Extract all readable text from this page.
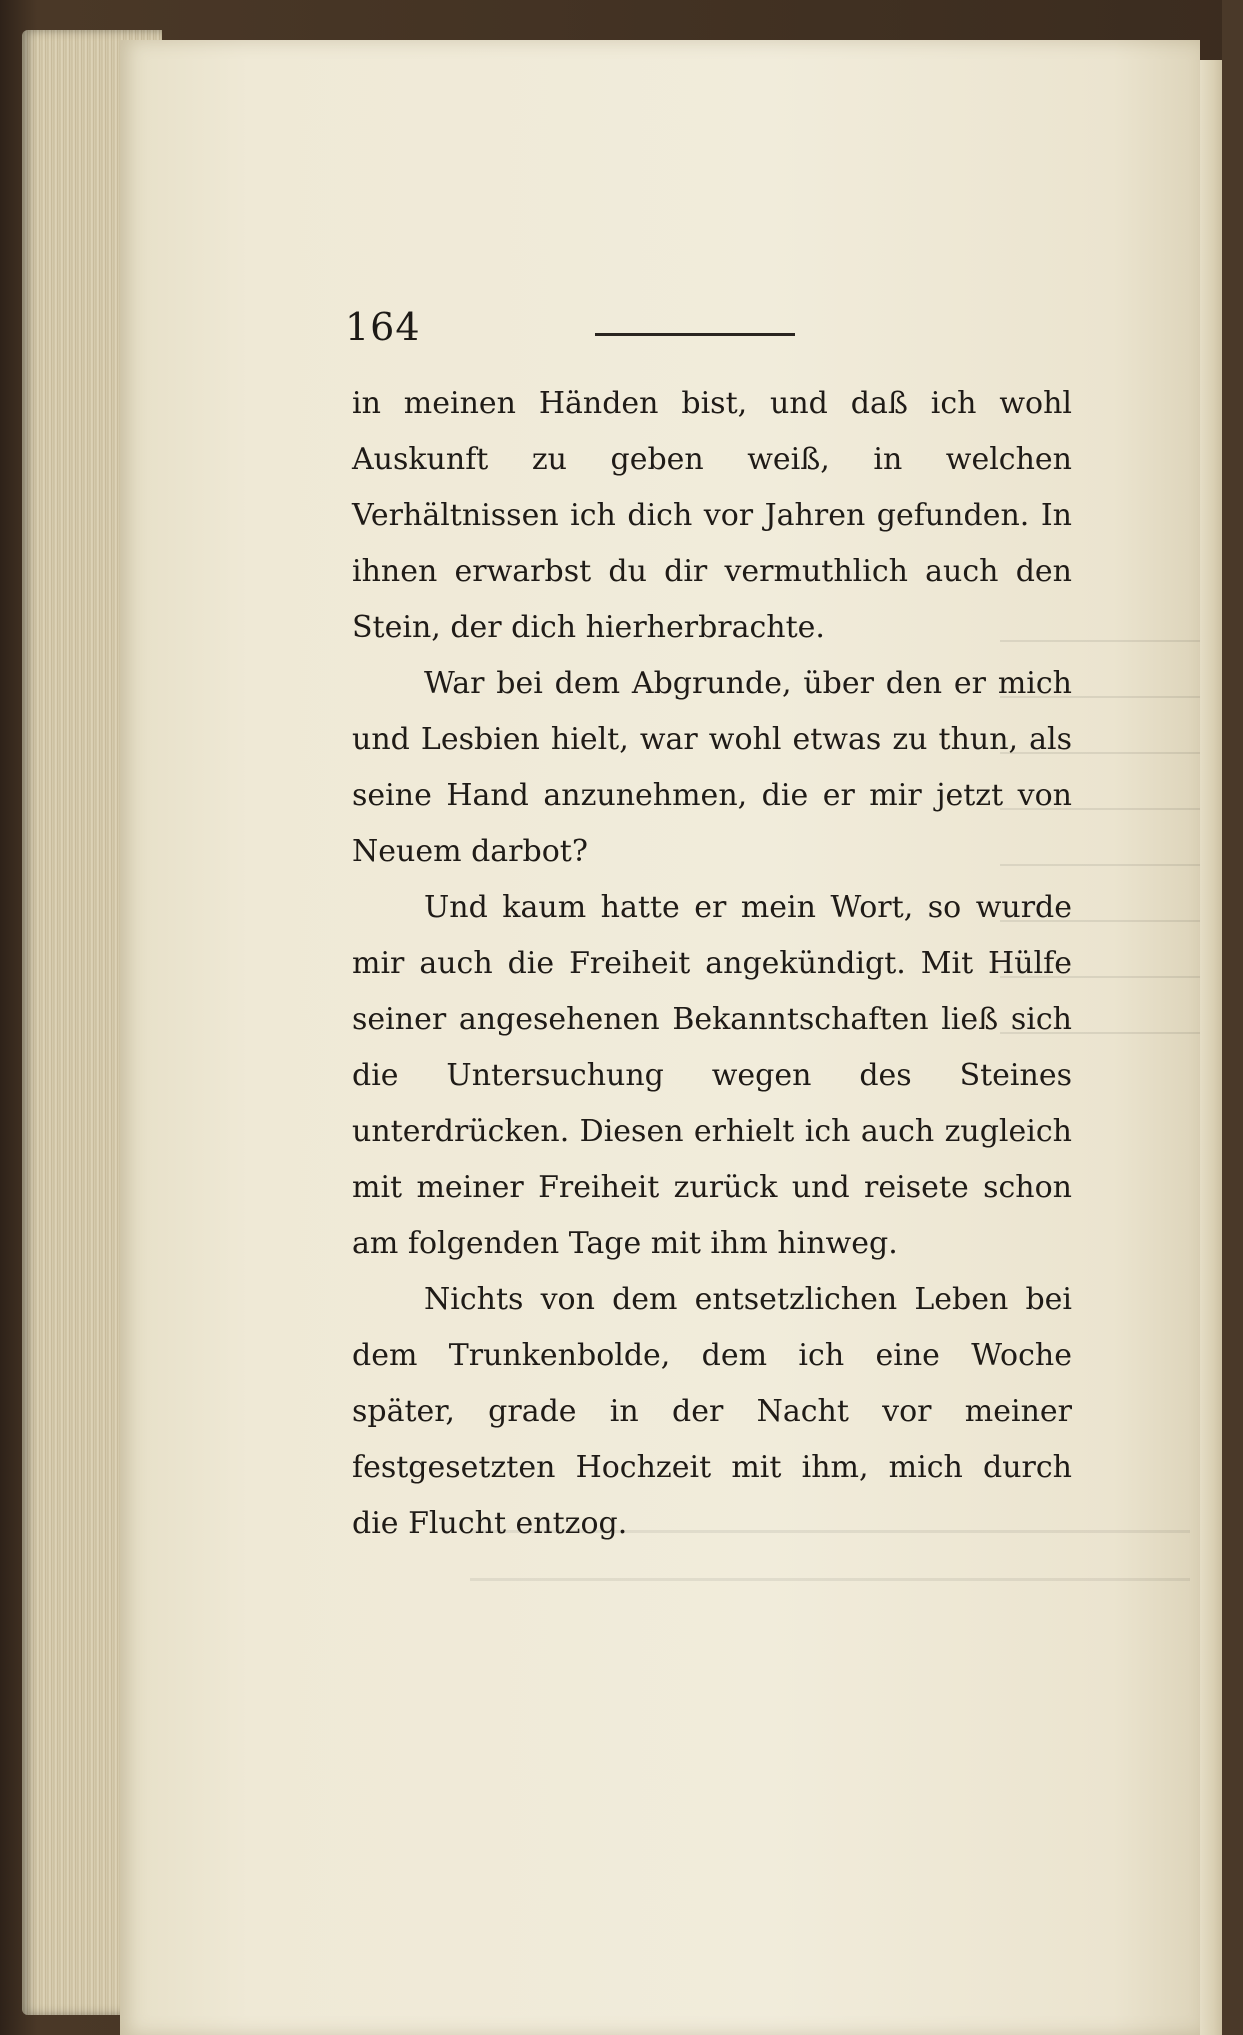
164

in meinen Händen bist, und daß ich wohl Auskunft zu geben weiß, in welchen Verhältnissen ich dich vor Jahren gefunden. In ihnen erwarbst du dir vermuthlich auch den Stein, der dich hierherbrachte.

War bei dem Abgrunde, über den er mich und Lesbien hielt, war wohl etwas zu thun, als seine Hand anzunehmen, die er mir jetzt von Neuem darbot?

Und kaum hatte er mein Wort, so wurde mir auch die Freiheit angekündigt. Mit Hülfe seiner angesehenen Bekanntschaften ließ sich die Untersuchung wegen des Steines unterdrücken. Diesen erhielt ich auch zugleich mit meiner Freiheit zurück und reisete schon am folgenden Tage mit ihm hinweg.

Nichts von dem entsetzlichen Leben bei dem Trunkenbolde, dem ich eine Woche später, grade in der Nacht vor meiner festgesetzten Hochzeit mit ihm, mich durch die Flucht entzog.
